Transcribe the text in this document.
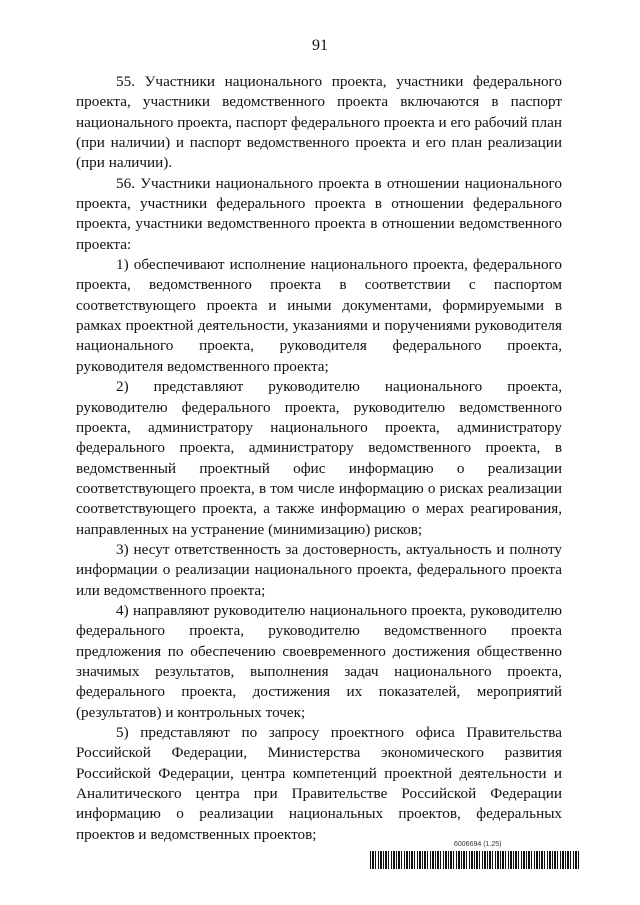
91

55. Участники национального проекта, участники федерального проекта, участники ведомственного проекта включаются в паспорт национального проекта, паспорт федерального проекта и его рабочий план (при наличии) и паспорт ведомственного проекта и его план реализации (при наличии).

56. Участники национального проекта в отношении национального проекта, участники федерального проекта в отношении федерального проекта, участники ведомственного проекта в отношении ведомственного проекта:

1) обеспечивают исполнение национального проекта, федерального проекта, ведомственного проекта в соответствии с паспортом соответствующего проекта и иными документами, формируемыми в рамках проектной деятельности, указаниями и поручениями руководителя национального проекта, руководителя федерального проекта, руководителя ведомственного проекта;

2) представляют руководителю национального проекта, руководителю федерального проекта, руководителю ведомственного проекта, администратору национального проекта, администратору федерального проекта, администратору ведомственного проекта, в ведомственный проектный офис информацию о реализации соответствующего проекта, в том числе информацию о рисках реализации соответствующего проекта, а также информацию о мерах реагирования, направленных на устранение (минимизацию) рисков;

3) несут ответственность за достоверность, актуальность и полноту информации о реализации национального проекта, федерального проекта или ведомственного проекта;

4) направляют руководителю национального проекта, руководителю федерального проекта, руководителю ведомственного проекта предложения по обеспечению своевременного достижения общественно значимых результатов, выполнения задач национального проекта, федерального проекта, достижения их показателей, мероприятий (результатов) и контрольных точек;

5) представляют по запросу проектного офиса Правительства Российской Федерации, Министерства экономического развития Российской Федерации, центра компетенций проектной деятельности и Аналитического центра при Правительстве Российской Федерации информацию о реализации национальных проектов, федеральных проектов и ведомственных проектов;

6006694 (1.25)
